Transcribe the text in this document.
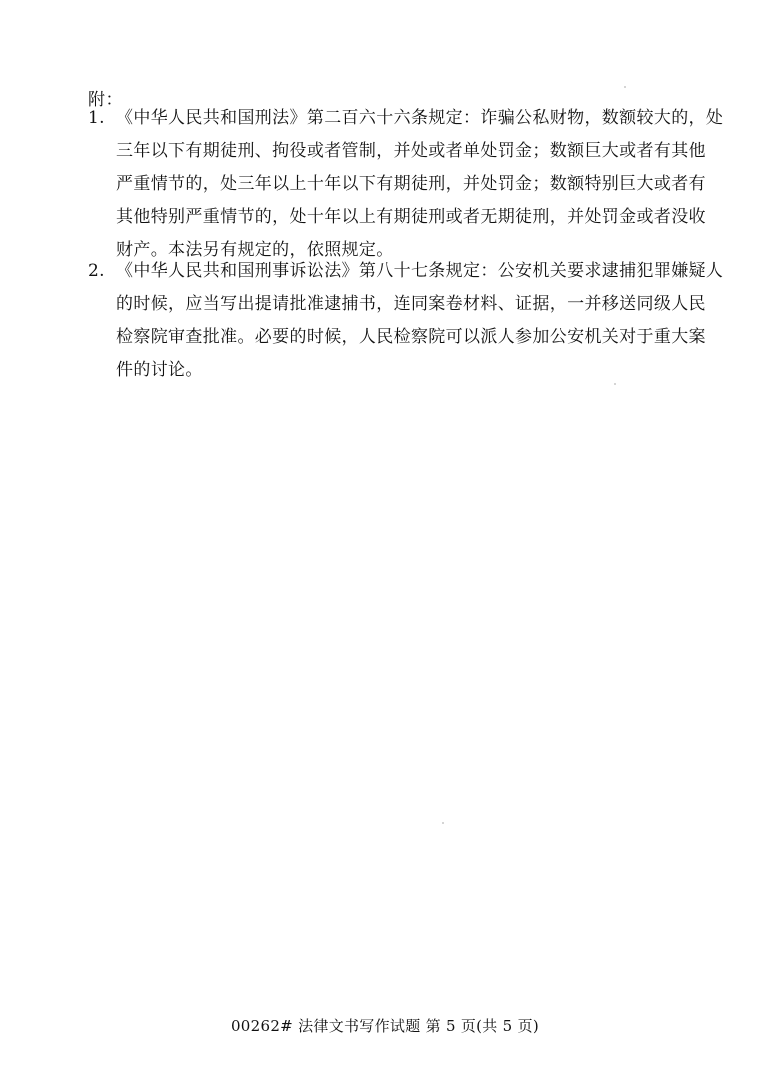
附：
1. 《中华人民共和国刑法》第二百六十六条规定：诈骗公私财物，数额较大的，处
三年以下有期徒刑、拘役或者管制，并处或者单处罚金；数额巨大或者有其他
严重情节的，处三年以上十年以下有期徒刑，并处罚金；数额特别巨大或者有
其他特别严重情节的，处十年以上有期徒刑或者无期徒刑，并处罚金或者没收
财产。本法另有规定的，依照规定。
2. 《中华人民共和国刑事诉讼法》第八十七条规定：公安机关要求逮捕犯罪嫌疑人
的时候，应当写出提请批准逮捕书，连同案卷材料、证据，一并移送同级人民
检察院审查批准。必要的时候，人民检察院可以派人参加公安机关对于重大案
件的讨论。
00262# 法律文书写作试题 第 5 页(共 5 页)
